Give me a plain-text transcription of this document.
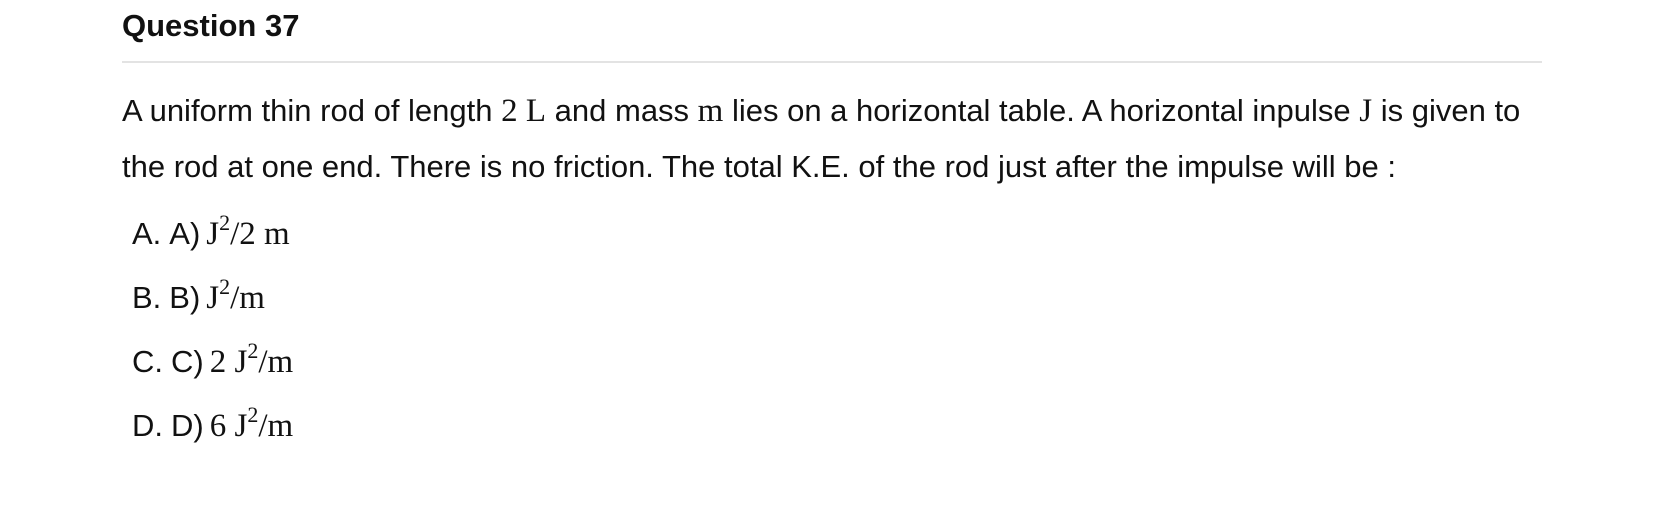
Question 37
A uniform thin rod of length 2 L and mass m lies on a horizontal table. A horizontal inpulse J is given to the rod at one end. There is no friction. The total K.E. of the rod just after the impulse will be :
A. A) $J^2/2$ m
B. B) $J^2/m$
C. C) 2 $J^2/m$
D. D) 6 $J^2/m$
